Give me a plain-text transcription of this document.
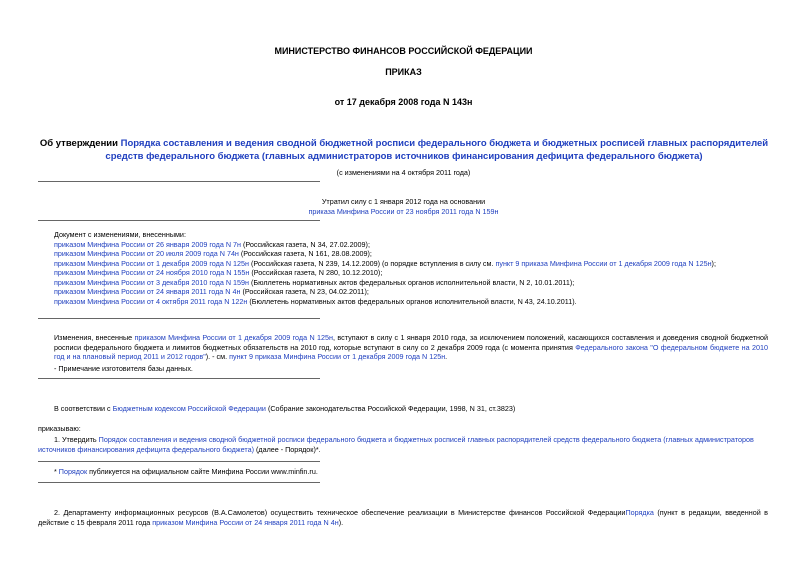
МИНИСТЕРСТВО ФИНАНСОВ РОССИЙСКОЙ ФЕДЕРАЦИИ
ПРИКАЗ
от 17 декабря 2008 года N 143н
Об утверждении Порядка составления и ведения сводной бюджетной росписи федерального бюджета и бюджетных росписей главных распорядителей средств федерального бюджета (главных администраторов источников финансирования дефицита федерального бюджета)
(с изменениями на 4 октября 2011 года)
Утратил силу с 1 января 2012 года на основании
приказа Минфина России от 23 ноября 2011 года N 159н
Документ с изменениями, внесенными:
приказом Минфина России от 26 января 2009 года N 7н (Российская газета, N 34, 27.02.2009);
приказом Минфина России от 20 июля 2009 года N 74н (Российская газета, N 161, 28.08.2009);
приказом Минфина России от 1 декабря 2009 года N 125н (Российская газета, N 239, 14.12.2009) (о порядке вступления в силу см. пункт 9 приказа Минфина России от 1 декабря 2009 года N 125н);
приказом Минфина России от 24 ноября 2010 года N 155н (Российская газета, N 280, 10.12.2010);
приказом Минфина России от 3 декабря 2010 года N 159н (Бюллетень нормативных актов федеральных органов исполнительной власти, N 2, 10.01.2011);
приказом Минфина России от 24 января 2011 года N 4н (Российская газета, N 23, 04.02.2011);
приказом Минфина России от 4 октября 2011 года N 122н (Бюллетень нормативных актов федеральных органов исполнительной власти, N 43, 24.10.2011).
Изменения, внесенные приказом Минфина России от 1 декабря 2009 года N 125н, вступают в силу с 1 января 2010 года, за исключением положений, касающихся составления и доведения сводной бюджетной росписи федерального бюджета и лимитов бюджетных обязательств на 2010 год, которые вступают в силу со 2 декабря 2009 года (с момента принятия Федерального закона "О федеральном бюджете на 2010 год и на плановый период 2011 и 2012 годов"). - см. пункт 9 приказа Минфина России от 1 декабря 2009 года N 125н.
- Примечание изготовителя базы данных.
В соответствии с Бюджетным кодексом Российской Федерации (Собрание законодательства Российской Федерации, 1998, N 31, ст.3823)
приказываю:
1. Утвердить Порядок составления и ведения сводной бюджетной росписи федерального бюджета и бюджетных росписей главных распорядителей средств федерального бюджета (главных администраторов источников финансирования дефицита федерального бюджета) (далее - Порядок)*.
* Порядок публикуется на официальном сайте Минфина России www.minfin.ru.
2. Департаменту информационных ресурсов (В.А.Самолетов) осуществить техническое обеспечение реализации в Министерстве финансов Российской ФедерацииПорядка (пункт в редакции, введенной в действие с 15 февраля 2011 года приказом Минфина России от 24 января 2011 года N 4н).
